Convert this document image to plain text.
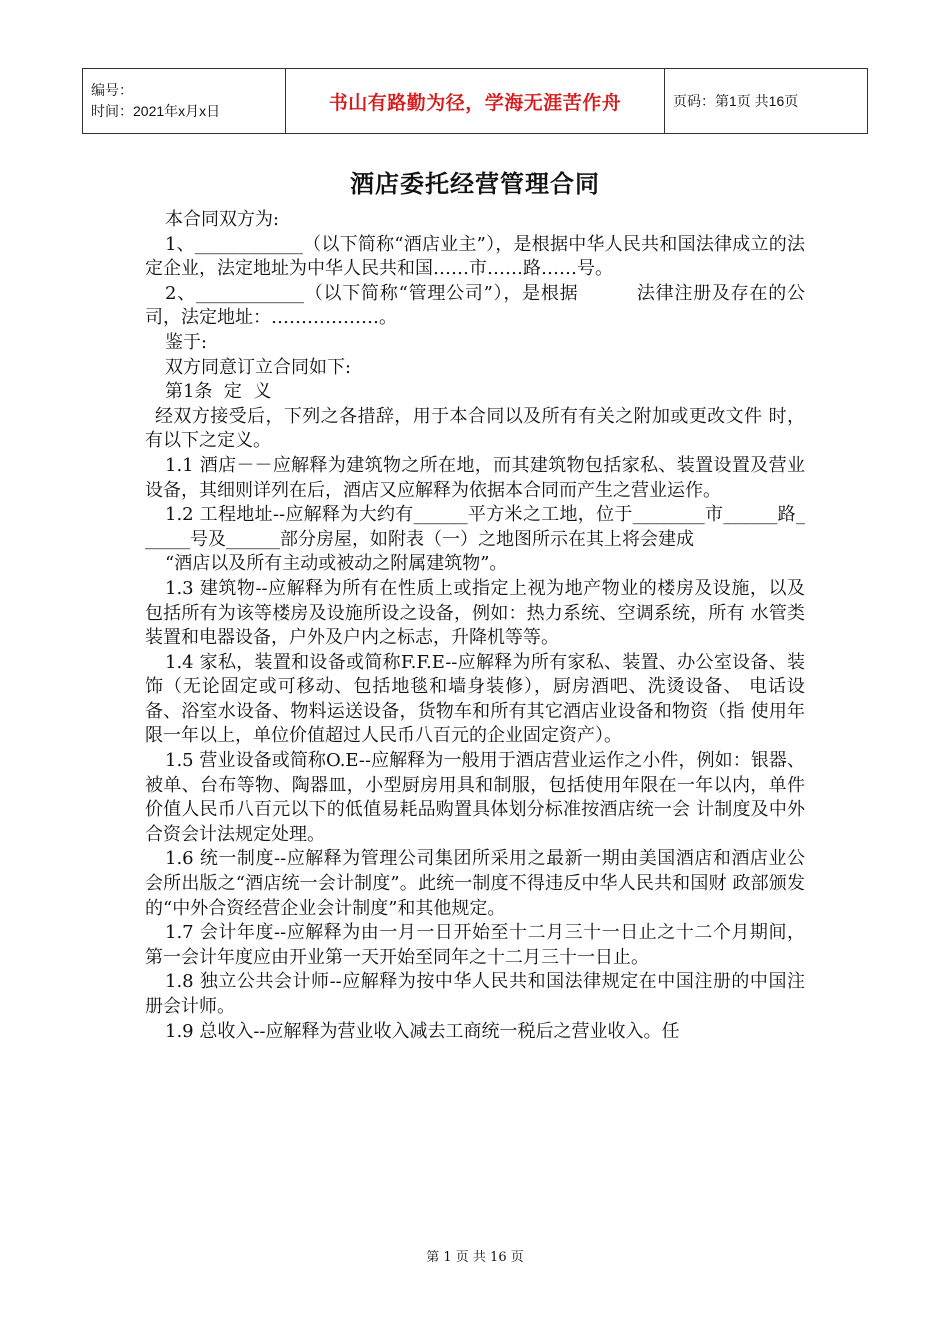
编号：
时间：2021年x月x日	书山有路勤为径，学海无涯苦作舟	页码：第1页 共16页
酒店委托经营管理合同

本合同双方为:

1、____________（以下简称“酒店业主”），是根据中华人民共和国法律成立的法定企业，法定地址为中华人民共和国……市……路……号。

2、____________（以下简称“管理公司”），是根据         法律注册及存在的公司，法定地址：………………。

鉴于:

双方同意订立合同如下:

第1条  定  义

经双方接受后，下列之各措辞，用于本合同以及所有有关之附加或更改文件 时，有以下之定义。

1.1 酒店－－应解释为建筑物之所在地，而其建筑物包括家私、装置设置及营业设备，其细则详列在后，酒店又应解释为依据本合同而产生之营业运作。

1.2 工程地址--应解释为大约有______平方米之工地，位于________市______路______号及______部分房屋，如附表（一）之地图所示在其上将会建成

“酒店以及所有主动或被动之附属建筑物”。

1.3 建筑物--应解释为所有在性质上或指定上视为地产物业的楼房及设施，以及包括所有为该等楼房及设施所设之设备，例如：热力系统、空调系统，所有 水管类装置和电器设备，户外及户内之标志，升降机等等。

1.4 家私，装置和设备或简称F.F.E--应解释为所有家私、装置、办公室设备、装饰（无论固定或可移动、包括地毯和墙身装修），厨房酒吧、洗烫设备、 电话设备、浴室水设备、物料运送设备，货物车和所有其它酒店业设备和物资（指 使用年限一年以上，单位价值超过人民币八百元的企业固定资产）。

1.5 营业设备或简称O.E--应解释为一般用于酒店营业运作之小件，例如：银器、被单、台布等物、陶器皿，小型厨房用具和制服，包括使用年限在一年以内，单件价值人民币八百元以下的低值易耗品购置具体划分标准按酒店统一会 计制度及中外合资会计法规定处理。

1.6 统一制度--应解释为管理公司集团所采用之最新一期由美国酒店和酒店业公会所出版之“酒店统一会计制度”。此统一制度不得违反中华人民共和国财 政部颁发的“中外合资经营企业会计制度”和其他规定。

1.7 会计年度--应解释为由一月一日开始至十二月三十一日止之十二个月期间，第一会计年度应由开业第一天开始至同年之十二月三十一日止。

1.8 独立公共会计师--应解释为按中华人民共和国法律规定在中国注册的中国注册会计师。

1.9 总收入--应解释为营业收入减去工商统一税后之营业收入。任

第 1 页 共 16 页
